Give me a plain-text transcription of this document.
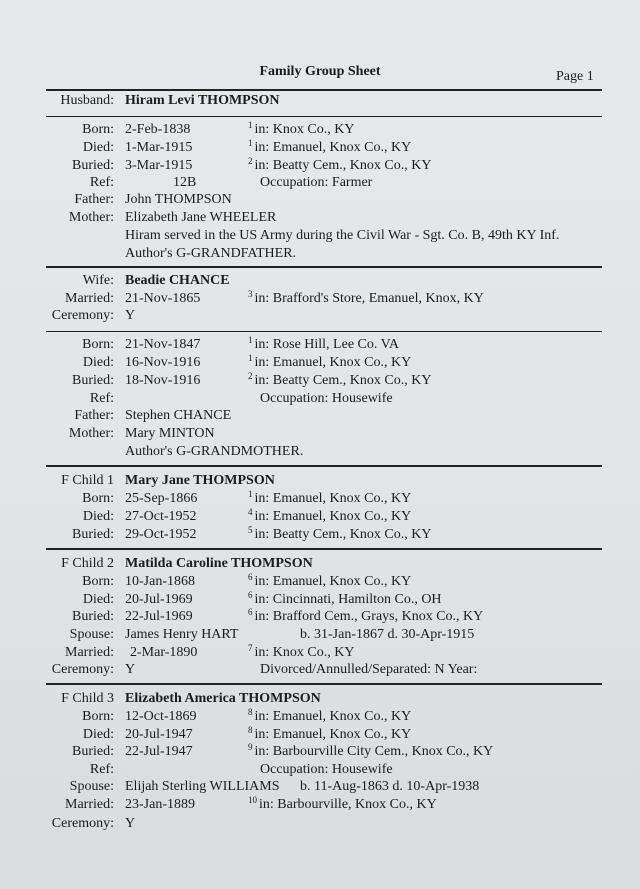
Family Group Sheet	Page 1
Husband: Hiram Levi THOMPSON
Born: 2-Feb-1838	$^1$ in: Knox Co., KY
Died: 1-Mar-1915	$^1$ in: Emanuel, Knox Co., KY
Buried: 3-Mar-1915	$^2$ in: Beatty Cem., Knox Co., KY
Ref:	12B	Occupation: Farmer
Father: John THOMPSON
Mother: Elizabeth Jane WHEELER
Hiram served in the US Army during the Civil War - Sgt. Co. B, 49th KY Inf.
Author's G-GRANDFATHER.
Wife: Beadie CHANCE
Married: 21-Nov-1865	$^3$ in: Brafford's Store, Emanuel, Knox, KY
Ceremony: Y
Born: 21-Nov-1847	$^1$ in: Rose Hill, Lee Co. VA
Died: 16-Nov-1916	$^1$ in: Emanuel, Knox Co., KY
Buried: 18-Nov-1916	$^2$ in: Beatty Cem., Knox Co., KY
Ref:	Occupation: Housewife
Father: Stephen CHANCE
Mother: Mary MINTON
Author's G-GRANDMOTHER.
F Child 1 Mary Jane THOMPSON
Born: 25-Sep-1866	$^1$ in: Emanuel, Knox Co., KY
Died: 27-Oct-1952	$^4$ in: Emanuel, Knox Co., KY
Buried: 29-Oct-1952	$^5$ in: Beatty Cem., Knox Co., KY
F Child 2 Matilda Caroline THOMPSON
Born: 10-Jan-1868	$^6$ in: Emanuel, Knox Co., KY
Died: 20-Jul-1969	$^6$ in: Cincinnati, Hamilton Co., OH
Buried: 22-Jul-1969	$^6$ in: Brafford Cem., Grays, Knox Co., KY
Spouse: James Henry HART	b. 31-Jan-1867 d. 30-Apr-1915
Married: 2-Mar-1890	$^7$ in: Knox Co., KY
Ceremony: Y	Divorced/Annulled/Separated: N Year:
F Child 3 Elizabeth America THOMPSON
Born: 12-Oct-1869	$^8$ in: Emanuel, Knox Co., KY
Died: 20-Jul-1947	$^8$ in: Emanuel, Knox Co., KY
Buried: 22-Jul-1947	$^9$ in: Barbourville City Cem., Knox Co., KY
Ref:	Occupation: Housewife
Spouse: Elijah Sterling WILLIAMS b. 11-Aug-1863 d. 10-Apr-1938
Married: 23-Jan-1889	$^{10}$ in: Barbourville, Knox Co., KY
Ceremony: Y
